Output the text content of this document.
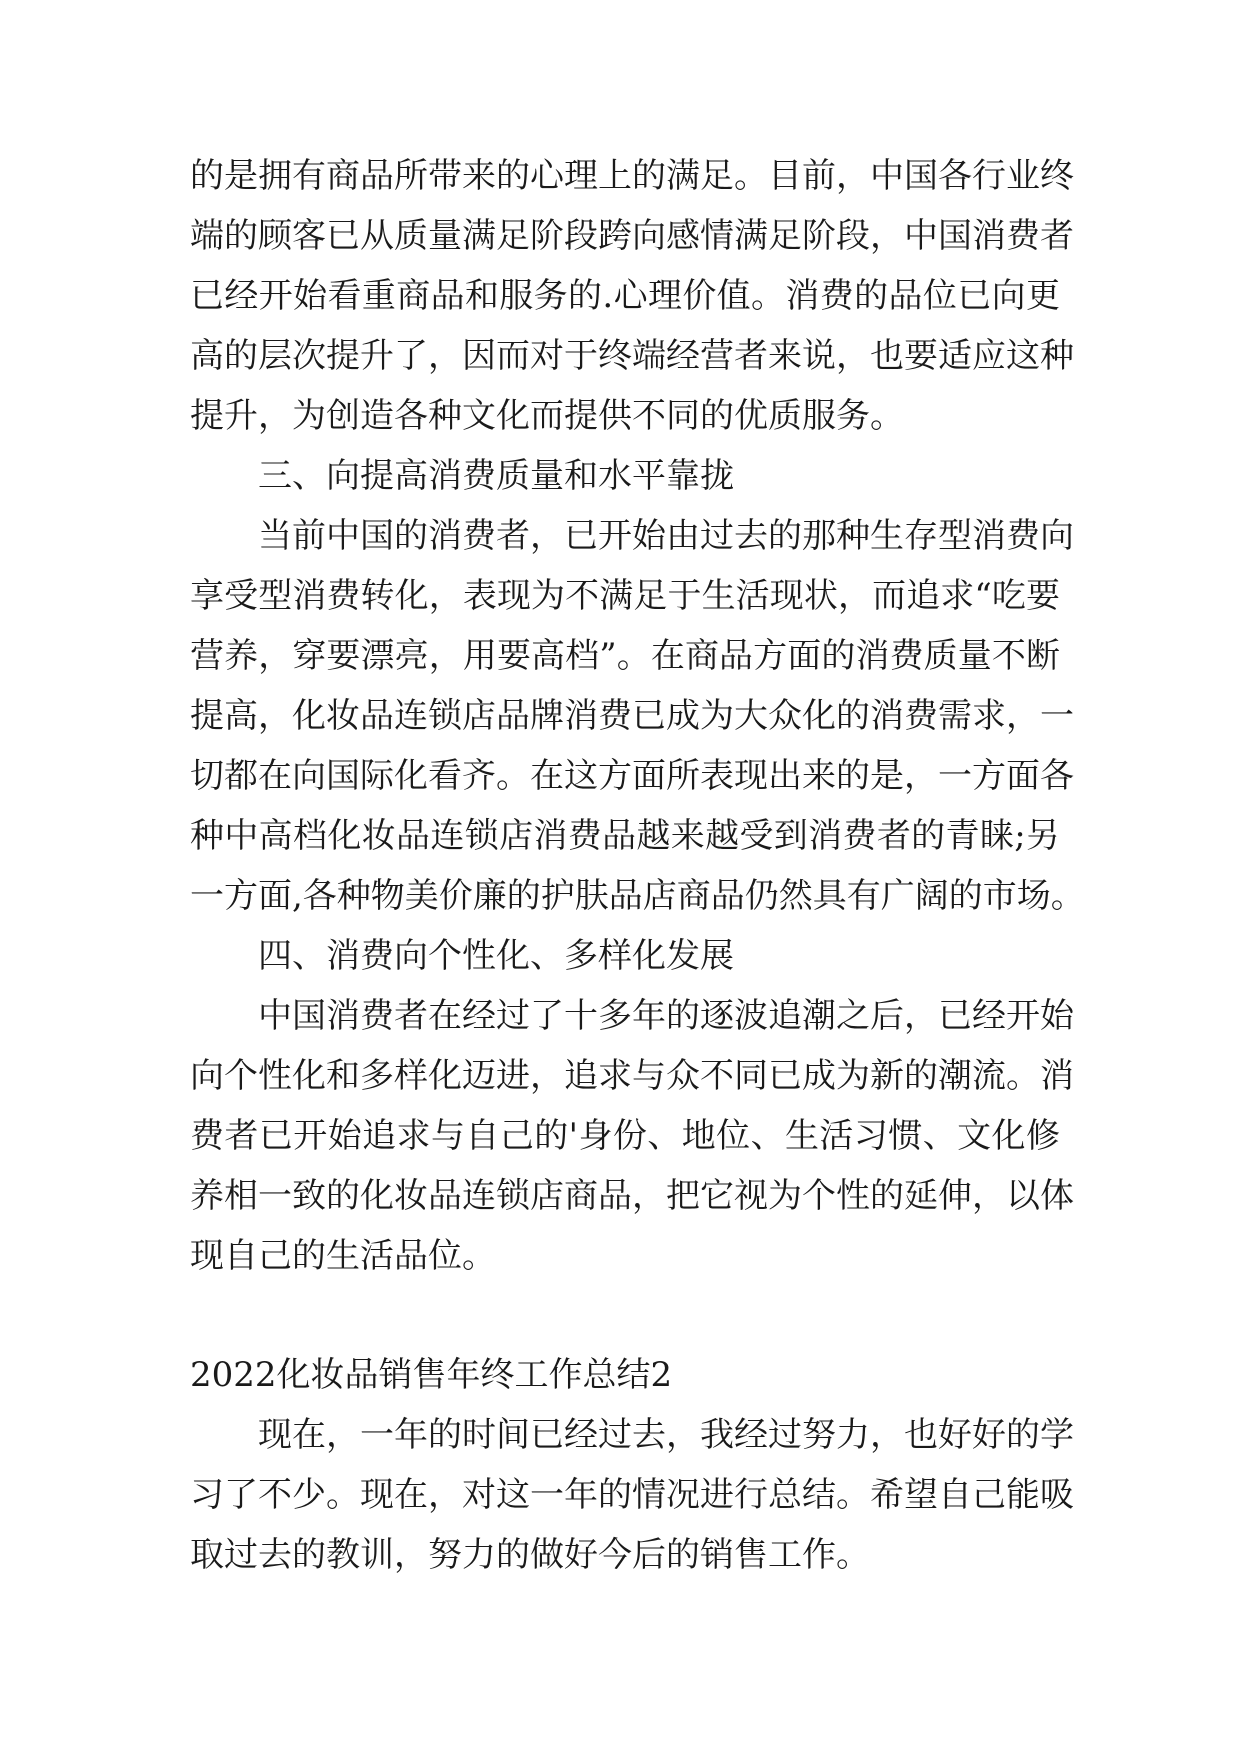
的是拥有商品所带来的心理上的满足。目前，中国各行业终
端的顾客已从质量满足阶段跨向感情满足阶段，中国消费者
已经开始看重商品和服务的.心理价值。消费的品位已向更
高的层次提升了，因而对于终端经营者来说，也要适应这种
提升，为创造各种文化而提供不同的优质服务。
三、向提高消费质量和水平靠拢
当前中国的消费者，已开始由过去的那种生存型消费向
享受型消费转化，表现为不满足于生活现状，而追求“吃要
营养，穿要漂亮，用要高档”。在商品方面的消费质量不断
提高，化妆品连锁店品牌消费已成为大众化的消费需求，一
切都在向国际化看齐。在这方面所表现出来的是，一方面各
种中高档化妆品连锁店消费品越来越受到消费者的青睐;另
一方面,各种物美价廉的护肤品店商品仍然具有广阔的市场。
四、消费向个性化、多样化发展
中国消费者在经过了十多年的逐波追潮之后，已经开始
向个性化和多样化迈进，追求与众不同已成为新的潮流。消
费者已开始追求与自己的'身份、地位、生活习惯、文化修
养相一致的化妆品连锁店商品，把它视为个性的延伸，以体
现自己的生活品位。
2022化妆品销售年终工作总结2
现在，一年的时间已经过去，我经过努力，也好好的学
习了不少。现在，对这一年的情况进行总结。希望自己能吸
取过去的教训，努力的做好今后的销售工作。
